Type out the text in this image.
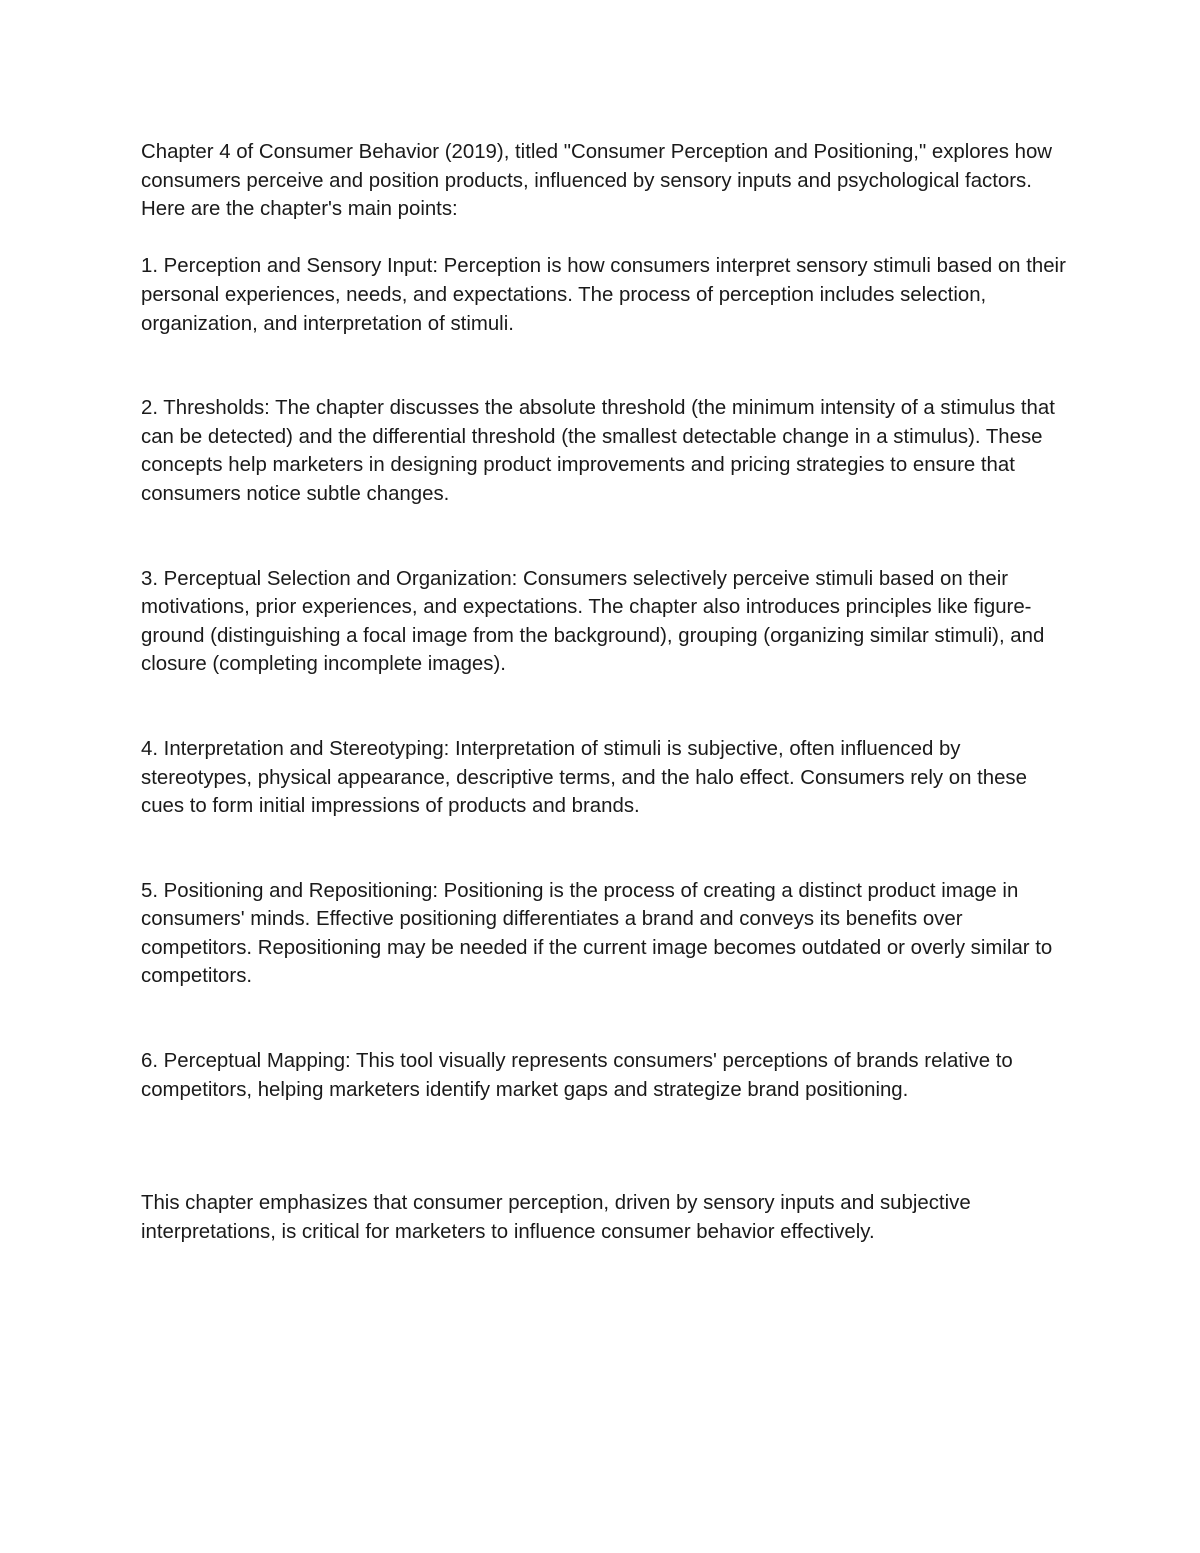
Chapter 4 of Consumer Behavior (2019), titled "Consumer Perception and Positioning," explores how consumers perceive and position products, influenced by sensory inputs and psychological factors. Here are the chapter's main points:

1. Perception and Sensory Input: Perception is how consumers interpret sensory stimuli based on their personal experiences, needs, and expectations. The process of perception includes selection, organization, and interpretation of stimuli.

2. Thresholds: The chapter discusses the absolute threshold (the minimum intensity of a stimulus that can be detected) and the differential threshold (the smallest detectable change in a stimulus). These concepts help marketers in designing product improvements and pricing strategies to ensure that consumers notice subtle changes.

3. Perceptual Selection and Organization: Consumers selectively perceive stimuli based on their motivations, prior experiences, and expectations. The chapter also introduces principles like figure-ground (distinguishing a focal image from the background), grouping (organizing similar stimuli), and closure (completing incomplete images).

4. Interpretation and Stereotyping: Interpretation of stimuli is subjective, often influenced by stereotypes, physical appearance, descriptive terms, and the halo effect. Consumers rely on these cues to form initial impressions of products and brands.

5. Positioning and Repositioning: Positioning is the process of creating a distinct product image in consumers' minds. Effective positioning differentiates a brand and conveys its benefits over competitors. Repositioning may be needed if the current image becomes outdated or overly similar to competitors.

6. Perceptual Mapping: This tool visually represents consumers' perceptions of brands relative to competitors, helping marketers identify market gaps and strategize brand positioning.

This chapter emphasizes that consumer perception, driven by sensory inputs and subjective interpretations, is critical for marketers to influence consumer behavior effectively.
